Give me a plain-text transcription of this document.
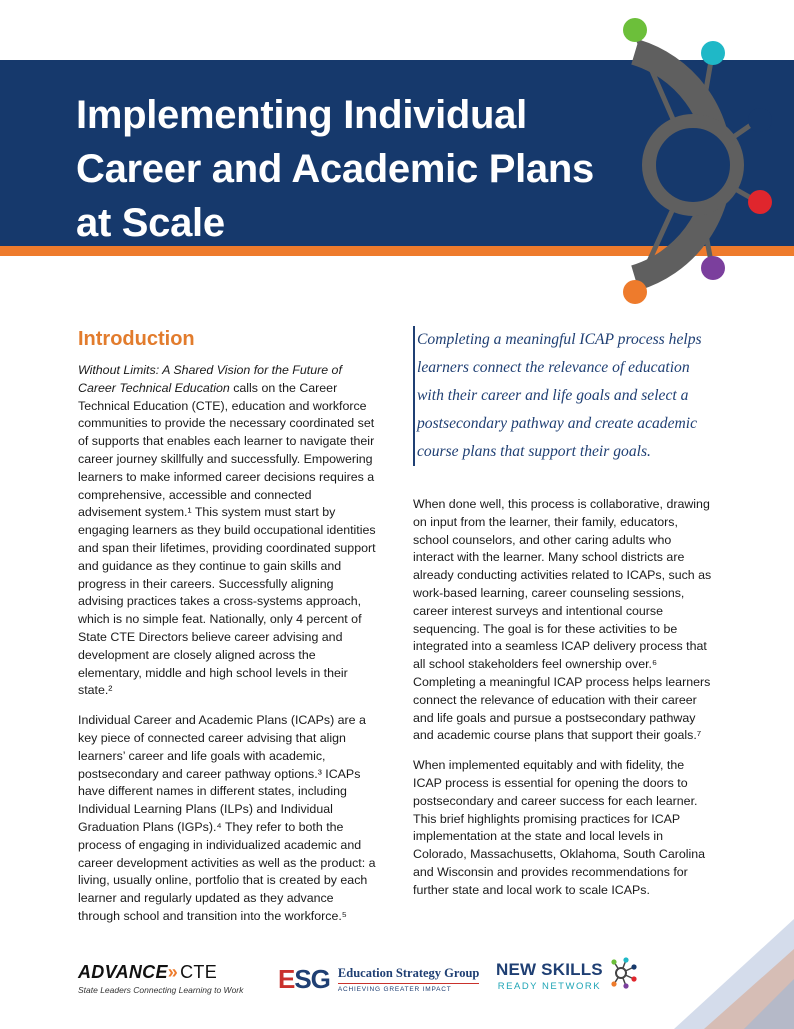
Implementing Individual Career and Academic Plans at Scale
Introduction

Without Limits: A Shared Vision for the Future of Career Technical Education calls on the Career Technical Education (CTE), education and workforce communities to provide the necessary coordinated set of supports that enables each learner to navigate their career journey skillfully and successfully. Empowering learners to make informed career decisions requires a comprehensive, accessible and connected advisement system.¹ This system must start by engaging learners as they build occupational identities and span their lifetimes, providing coordinated support and guidance as they continue to gain skills and progress in their careers. Successfully aligning advising practices takes a cross-systems approach, which is no simple feat. Nationally, only 4 percent of State CTE Directors believe career advising and development are closely aligned across the elementary, middle and high school levels in their state.²

Individual Career and Academic Plans (ICAPs) are a key piece of connected career advising that align learners’ career and life goals with academic, postsecondary and career pathway options.³ ICAPs have different names in different states, including Individual Learning Plans (ILPs) and Individual Graduation Plans (IGPs).⁴ They refer to both the process of engaging in individualized academic and career development activities as well as the product: a living, usually online, portfolio that is created by each learner and regularly updated as they advance through school and transition into the workforce.⁵

Completing a meaningful ICAP process helps learners connect the relevance of education with their career and life goals and select a postsecondary pathway and create academic course plans that support their goals.

When done well, this process is collaborative, drawing on input from the learner, their family, educators, school counselors, and other caring adults who interact with the learner. Many school districts are already conducting activities related to ICAPs, such as work-based learning, career counseling sessions, career interest surveys and intentional course sequencing. The goal is for these activities to be integrated into a seamless ICAP delivery process that all school stakeholders feel ownership over.⁶ Completing a meaningful ICAP process helps learners connect the relevance of education with their career and life goals and pursue a postsecondary pathway and academic course plans that support their goals.⁷

When implemented equitably and with fidelity, the ICAP process is essential for opening the doors to postsecondary and career success for each learner. This brief highlights promising practices for ICAP implementation at the state and local levels in Colorado, Massachusetts, Oklahoma, South Carolina and Wisconsin and provides recommendations for further state and local work to scale ICAPs.

ADVANCE» CTE
State Leaders Connecting Learning to Work ESG Education Strategy Group
ACHIEVING GREATER IMPACT
NEW SKILLS
READY NETWORK
